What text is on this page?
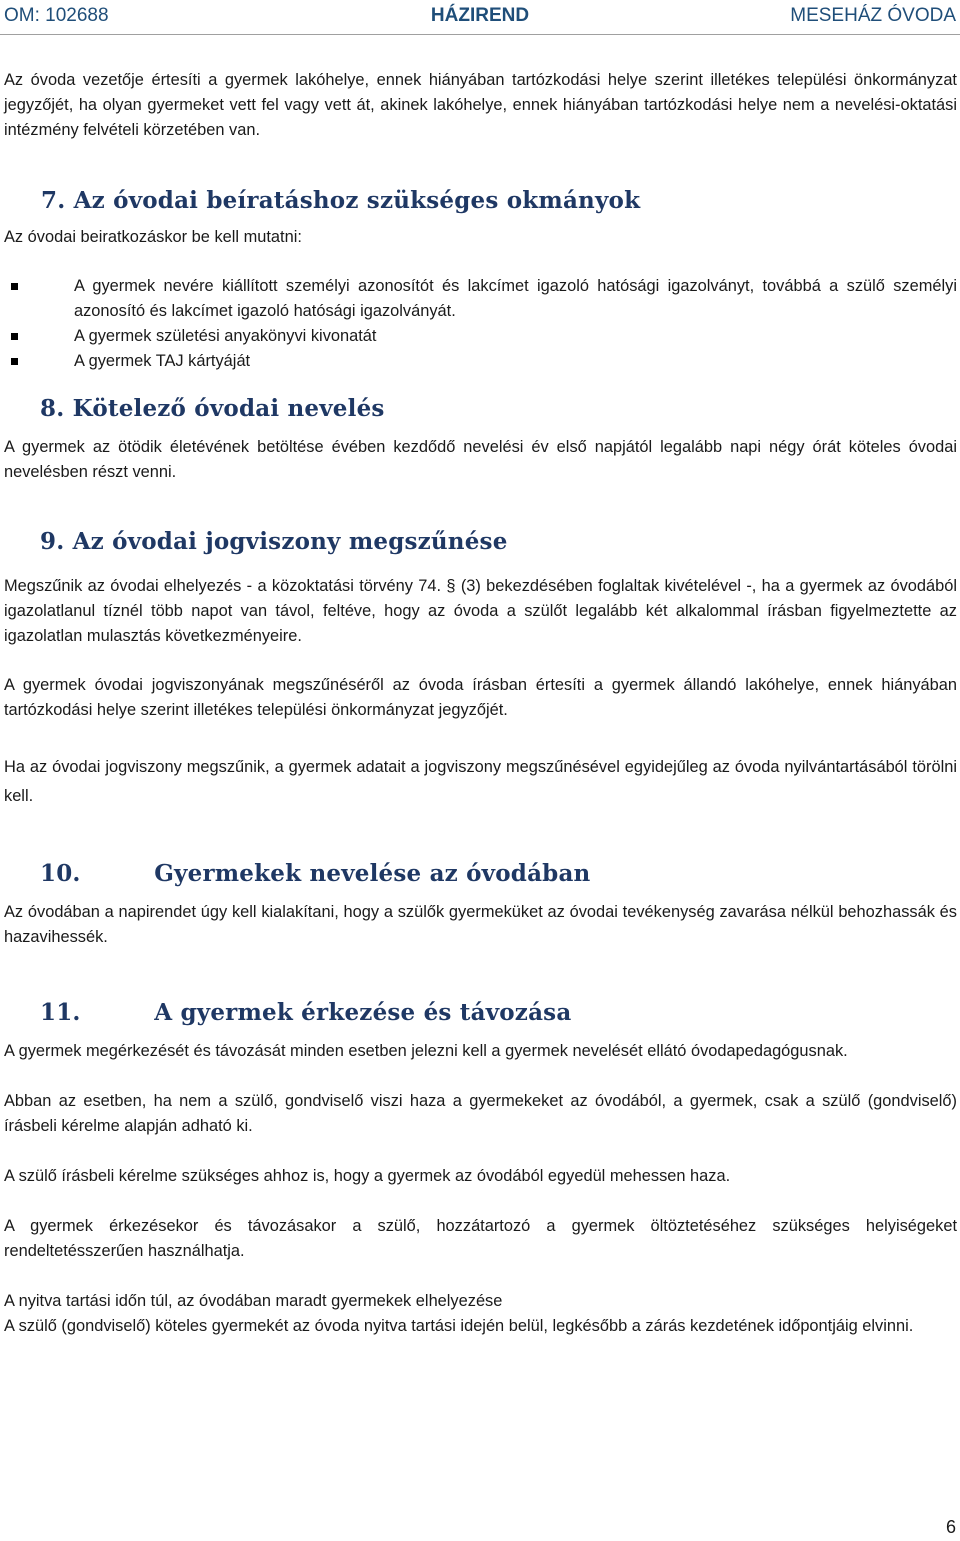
OM: 102688	HÁZIREND	MESEHÁZ ÓVODA

Az óvoda vezetője értesíti a gyermek lakóhelye, ennek hiányában tartózkodási helye szerint illetékes települési önkormányzat jegyzőjét, ha olyan gyermeket vett fel vagy vett át, akinek lakóhelye, ennek hiányában tartózkodási helye nem a nevelési-oktatási intézmény felvételi körzetében van.

7. Az óvodai beíratáshoz szükséges okmányok

Az óvodai beiratkozáskor be kell mutatni:

A gyermek nevére kiállított személyi azonosítót és lakcímet igazoló hatósági igazolványt, továbbá a szülő személyi azonosító és lakcímet igazoló hatósági igazolványát.
A gyermek születési anyakönyvi kivonatát
A gyermek TAJ kártyáját
8. Kötelező óvodai nevelés

A gyermek az ötödik életévének betöltése évében kezdődő nevelési év első napjától legalább napi négy órát köteles óvodai nevelésben részt venni.

9. Az óvodai jogviszony megszűnése

Megszűnik az óvodai elhelyezés - a közoktatási törvény 74. § (3) bekezdésében foglaltak kivételével -, ha a gyermek az óvodából igazolatlanul tíznél több napot van távol, feltéve, hogy az óvoda a szülőt legalább két alkalommal írásban figyelmeztette az igazolatlan mulasztás következményeire.

A gyermek óvodai jogviszonyának megszűnéséről az óvoda írásban értesíti a gyermek állandó lakóhelye, ennek hiányában tartózkodási helye szerint illetékes települési önkormányzat jegyzőjét.

Ha az óvodai jogviszony megszűnik, a gyermek adatait a jogviszony megszűnésével egyidejűleg az óvoda nyilvántartásából törölni kell.

10.	Gyermekek nevelése az óvodában

Az óvodában a napirendet úgy kell kialakítani, hogy a szülők gyermeküket az óvodai tevékenység zavarása nélkül behozhassák és hazavihessék.

11.	A gyermek érkezése és távozása

A gyermek megérkezését és távozását minden esetben jelezni kell a gyermek nevelését ellátó óvodapedagógusnak.

Abban az esetben, ha nem a szülő, gondviselő viszi haza a gyermekeket az óvodából, a gyermek, csak a szülő (gondviselő) írásbeli kérelme alapján adható ki.

A szülő írásbeli kérelme szükséges ahhoz is, hogy a gyermek az óvodából egyedül mehessen haza.

A gyermek érkezésekor és távozásakor a szülő, hozzátartozó a gyermek öltöztetéséhez szükséges helyiségeket rendeltetésszerűen használhatja.

A nyitva tartási időn túl, az óvodában maradt gyermekek elhelyezése

A szülő (gondviselő) köteles gyermekét az óvoda nyitva tartási idején belül, legkésőbb a zárás kezdetének időpontjáig elvinni.

6
